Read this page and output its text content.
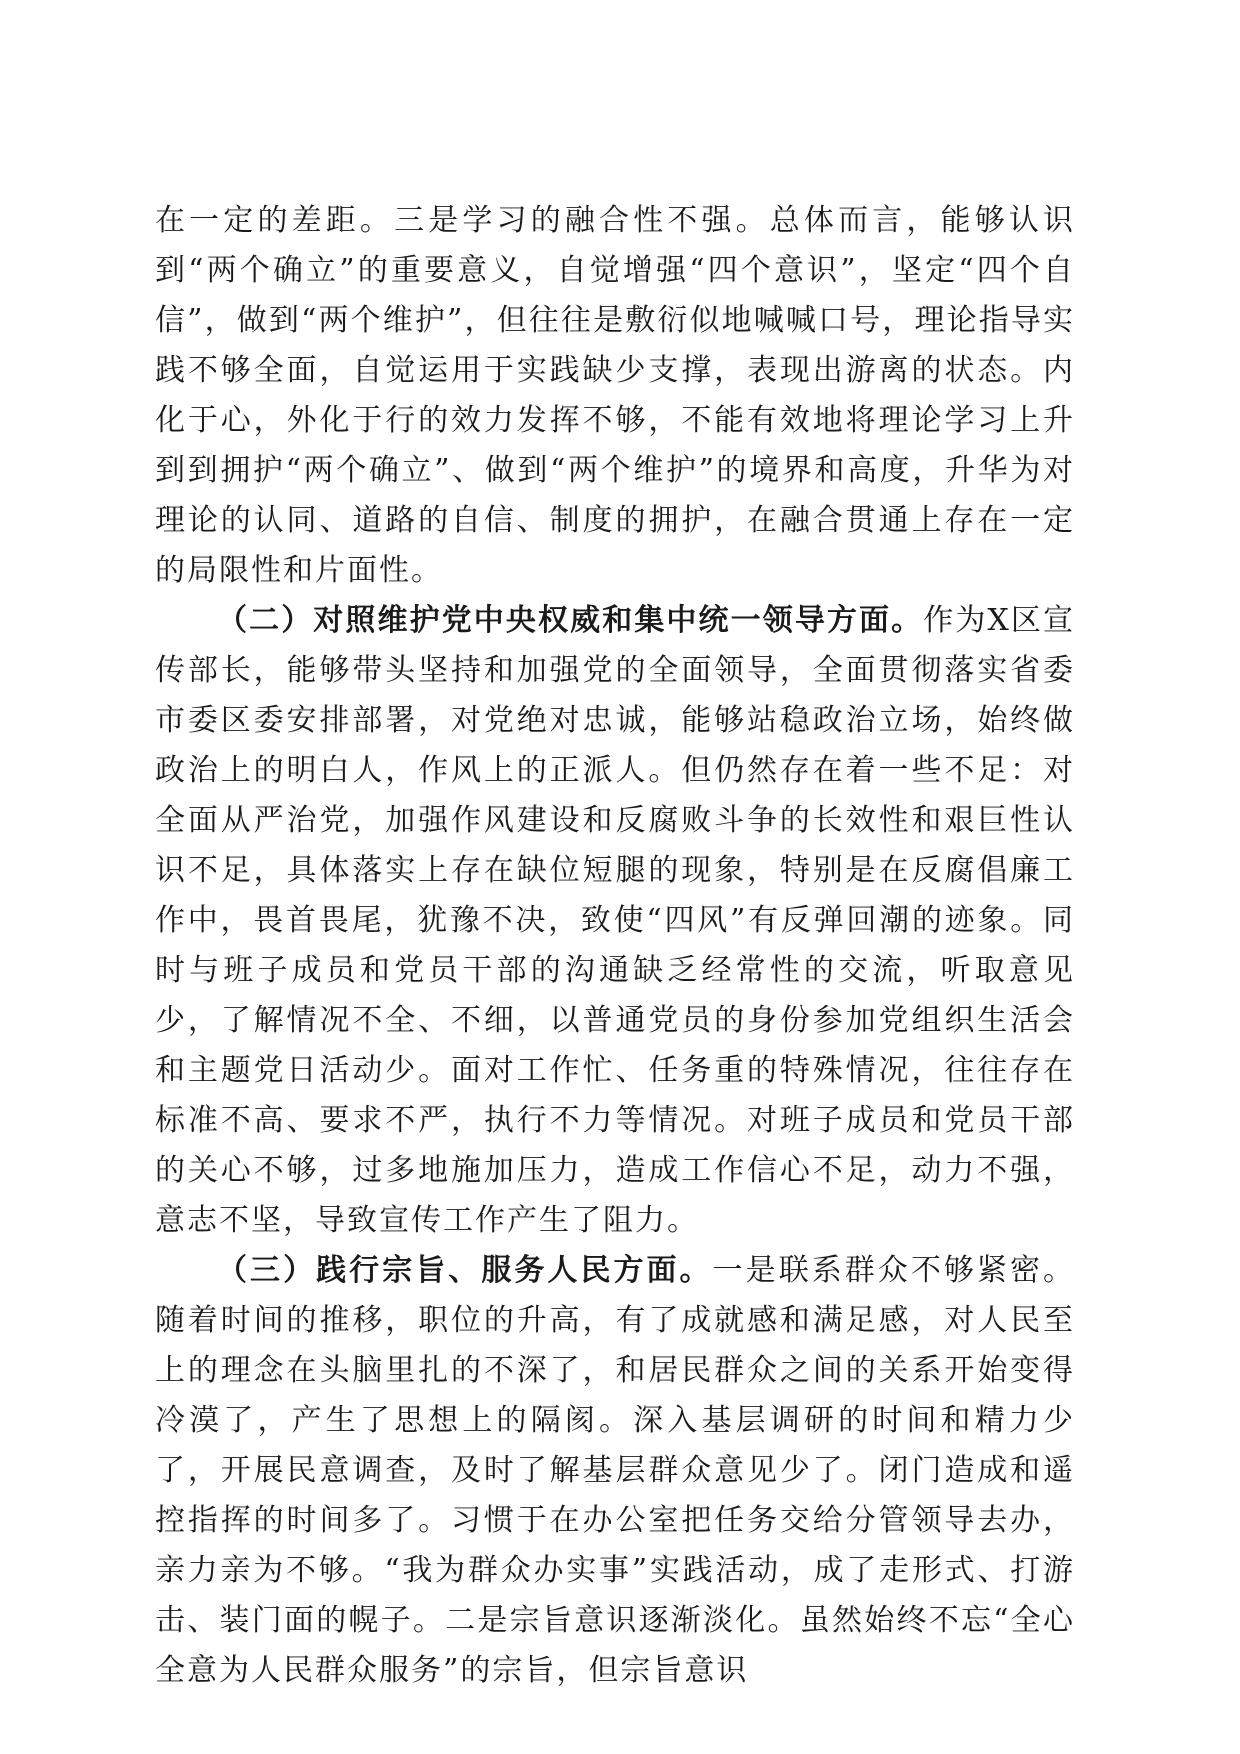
在一定的差距。三是学习的融合性不强。总体而言，能够认识到“两个确立”的重要意义，自觉增强“四个意识”，坚定“四个自信”，做到“两个维护”，但往往是敷衍似地喊喊口号，理论指导实践不够全面，自觉运用于实践缺少支撑，表现出游离的状态。内化于心，外化于行的效力发挥不够，不能有效地将理论学习上升到到拥护“两个确立”、做到“两个维护”的境界和高度，升华为对理论的认同、道路的自信、制度的拥护，在融合贯通上存在一定的局限性和片面性。

（二）对照维护党中央权威和集中统一领导方面。作为X区宣传部长，能够带头坚持和加强党的全面领导，全面贯彻落实省委市委区委安排部署，对党绝对忠诚，能够站稳政治立场，始终做政治上的明白人，作风上的正派人。但仍然存在着一些不足：对全面从严治党，加强作风建设和反腐败斗争的长效性和艰巨性认识不足，具体落实上存在缺位短腿的现象，特别是在反腐倡廉工作中，畏首畏尾，犹豫不决，致使“四风”有反弹回潮的迹象。同时与班子成员和党员干部的沟通缺乏经常性的交流，听取意见少，了解情况不全、不细，以普通党员的身份参加党组织生活会和主题党日活动少。面对工作忙、任务重的特殊情况，往往存在标准不高、要求不严，执行不力等情况。对班子成员和党员干部的关心不够，过多地施加压力，造成工作信心不足，动力不强，意志不坚，导致宣传工作产生了阻力。

（三）践行宗旨、服务人民方面。一是联系群众不够紧密。随着时间的推移，职位的升高，有了成就感和满足感，对人民至上的理念在头脑里扎的不深了，和居民群众之间的关系开始变得冷漠了，产生了思想上的隔阂。深入基层调研的时间和精力少了，开展民意调查，及时了解基层群众意见少了。闭门造成和遥控指挥的时间多了。习惯于在办公室把任务交给分管领导去办，亲力亲为不够。“我为群众办实事”实践活动，成了走形式、打游击、装门面的幌子。二是宗旨意识逐渐淡化。虽然始终不忘“全心全意为人民群众服务”的宗旨，但宗旨意识
